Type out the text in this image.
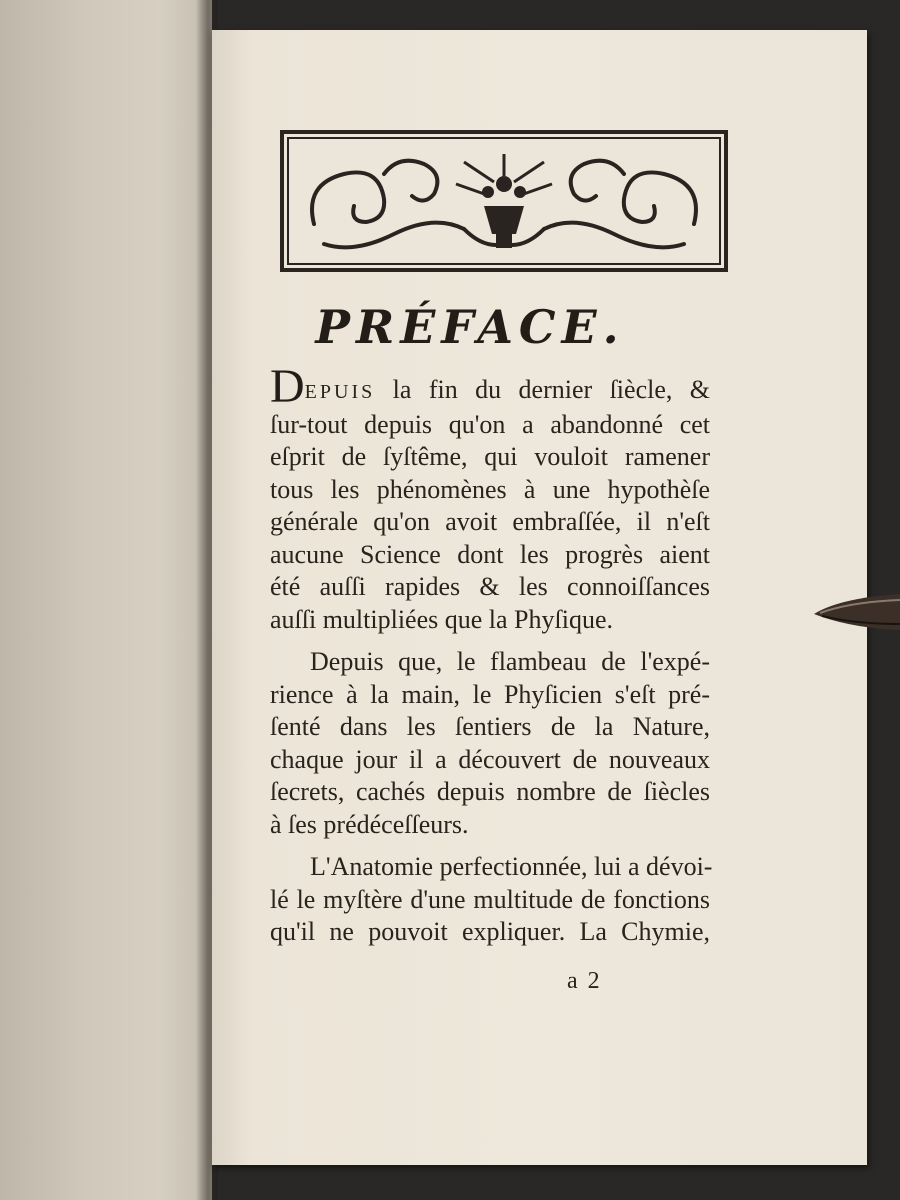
PRÉFACE.
DEPUIS la fin du dernier ſiècle, &
ſur-tout depuis qu'on a abandonné cet
eſprit de ſyſtême, qui vouloit ramener
tous les phénomènes à une hypothèſe
générale qu'on avoit embraſſée, il n'eſt
aucune Science dont les progrès aient
été auſſi rapides & les connoiſſances
auſſi multipliées que la Phyſique.
Depuis que, le flambeau de l'expé-
rience à la main, le Phyſicien s'eſt pré-
ſenté dans les ſentiers de la Nature,
chaque jour il a découvert de nouveaux
ſecrets, cachés depuis nombre de ſiècles
à ſes prédéceſſeurs.
L'Anatomie perfectionnée, lui a dévoi-
lé le myſtère d'une multitude de fonctions
qu'il ne pouvoit expliquer. La Chymie,
a 2
